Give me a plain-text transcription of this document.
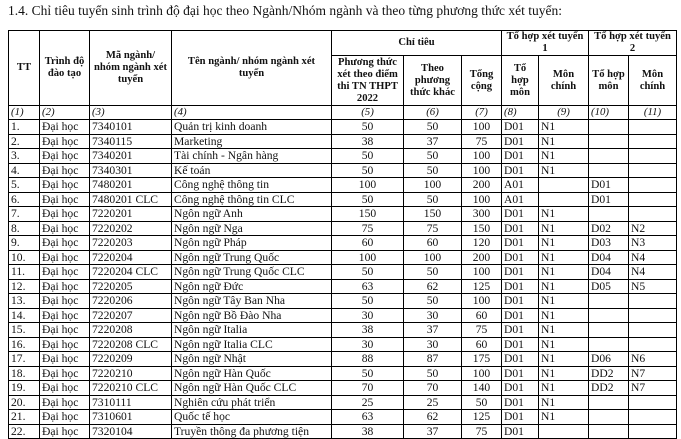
1.4. Chỉ tiêu tuyển sinh trình độ đại học theo Ngành/Nhóm ngành và theo từng phương thức xét tuyển:
TT	Trình độ đào tạo	Mã ngành/ nhóm ngành xét tuyển	Tên ngành/ nhóm ngành xét tuyển	Chỉ tiêu			Tổ hợp xét tuyển 1		Tổ hợp xét tuyển 2	

				Phương thức xét theo điểm thi TN THPT 2022	Theo phương thức khác	Tổng cộng	Tổ hợp môn	Môn chính	Tổ hợp môn	Môn chính
(1)	(2)	(3)	(4)	(5)	(6)	(7)	(8)	(9)	(10)	(11)
1.	Đại học	7340101	Quản trị kinh doanh	50	50	100	D01	N1		
2.	Đại học	7340115	Marketing	38	37	75	D01	N1		
3.	Đại học	7340201	Tài chính - Ngân hàng	50	50	100	D01	N1		
4.	Đại học	7340301	Kế toán	50	50	100	D01	N1		
5.	Đại học	7480201	Công nghệ thông tin	100	100	200	A01		D01	
6.	Đại học	7480201 CLC	Công nghệ thông tin CLC	50	50	100	A01		D01	
7.	Đại học	7220201	Ngôn ngữ Anh	150	150	300	D01	N1		
8.	Đại học	7220202	Ngôn ngữ Nga	75	75	150	D01	N1	D02	N2
9.	Đại học	7220203	Ngôn ngữ Pháp	60	60	120	D01	N1	D03	N3
10.	Đại học	7220204	Ngôn ngữ Trung Quốc	100	100	200	D01	N1	D04	N4
11.	Đại học	7220204 CLC	Ngôn ngữ Trung Quốc CLC	50	50	100	D01	N1	D04	N4
12.	Đại học	7220205	Ngôn ngữ Đức	63	62	125	D01	N1	D05	N5
13.	Đại học	7220206	Ngôn ngữ Tây Ban Nha	50	50	100	D01	N1		
14.	Đại học	7220207	Ngôn ngữ Bồ Đào Nha	30	30	60	D01	N1		
15.	Đại học	7220208	Ngôn ngữ Italia	38	37	75	D01	N1		
16.	Đại học	7220208 CLC	Ngôn ngữ Italia CLC	30	30	60	D01	N1		
17.	Đại học	7220209	Ngôn ngữ Nhật	88	87	175	D01	N1	D06	N6
18.	Đại học	7220210	Ngôn ngữ Hàn Quốc	50	50	100	D01	N1	DD2	N7
19.	Đại học	7220210 CLC	Ngôn ngữ Hàn Quốc CLC	70	70	140	D01	N1	DD2	N7
20.	Đại học	7310111	Nghiên cứu phát triển	25	25	50	D01	N1		
21.	Đại học	7310601	Quốc tế học	63	62	125	D01	N1		
22.	Đại học	7320104	Truyền thông đa phương tiện	38	37	75	D01			
